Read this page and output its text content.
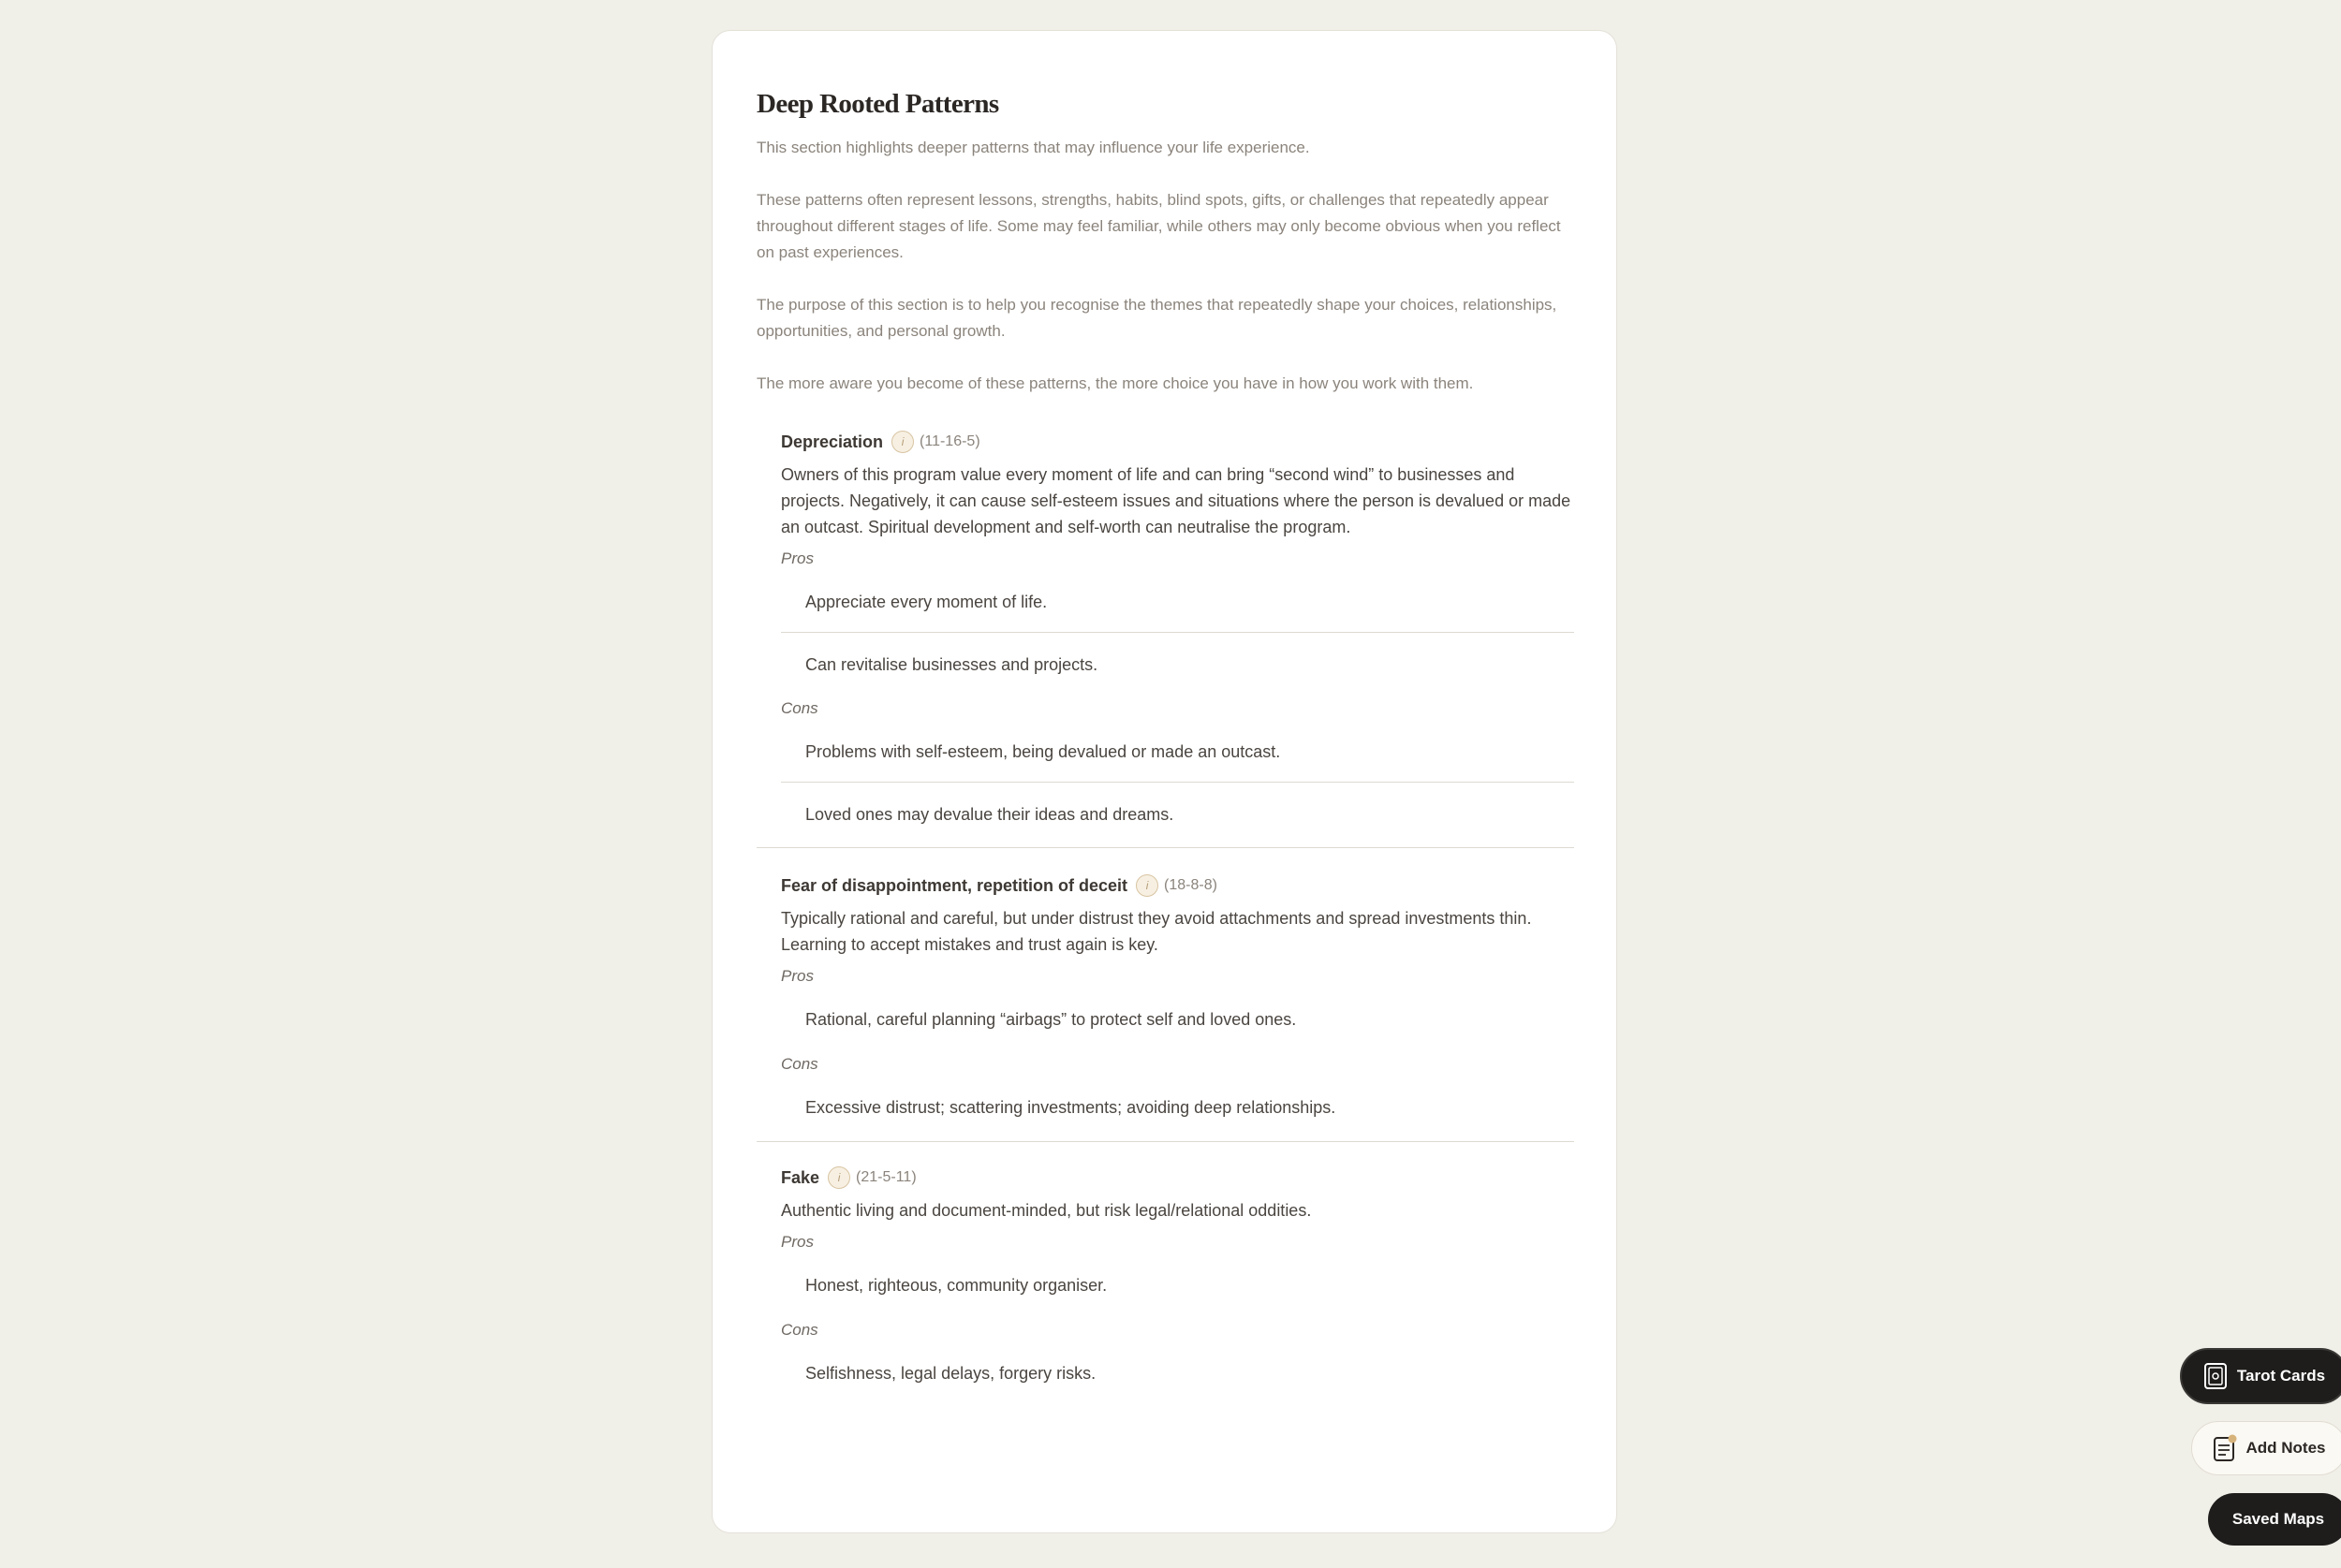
Deep Rooted Patterns

This section highlights deeper patterns that may influence your life experience.

These patterns often represent lessons, strengths, habits, blind spots, gifts, or challenges that repeatedly appear throughout different stages of life. Some may feel familiar, while others may only become obvious when you reflect on past experiences.

The purpose of this section is to help you recognise the themes that repeatedly shape your choices, relationships, opportunities, and personal growth.

The more aware you become of these patterns, the more choice you have in how you work with them.

Depreciation	i	(11-16-5)

Owners of this program value every moment of life and can bring “second wind” to businesses and projects. Negatively, it can cause self-esteem issues and situations where the person is devalued or made an outcast. Spiritual development and self-worth can neutralise the program.

Pros
Appreciate every moment of life.
Can revitalise businesses and projects.
Cons
Problems with self-esteem, being devalued or made an outcast.
Loved ones may devalue their ideas and dreams.
Fear of disappointment, repetition of deceit	i	(18-8-8)

Typically rational and careful, but under distrust they avoid attachments and spread investments thin. Learning to accept mistakes and trust again is key.

Pros
Rational, careful planning “airbags” to protect self and loved ones.
Cons
Excessive distrust; scattering investments; avoiding deep relationships.
Fake	i	(21-5-11)

Authentic living and document-minded, but risk legal/relational oddities.

Pros
Honest, righteous, community organiser.
Cons
Selfishness, legal delays, forgery risks.	Tarot Cards
Add Notes
Saved Maps
